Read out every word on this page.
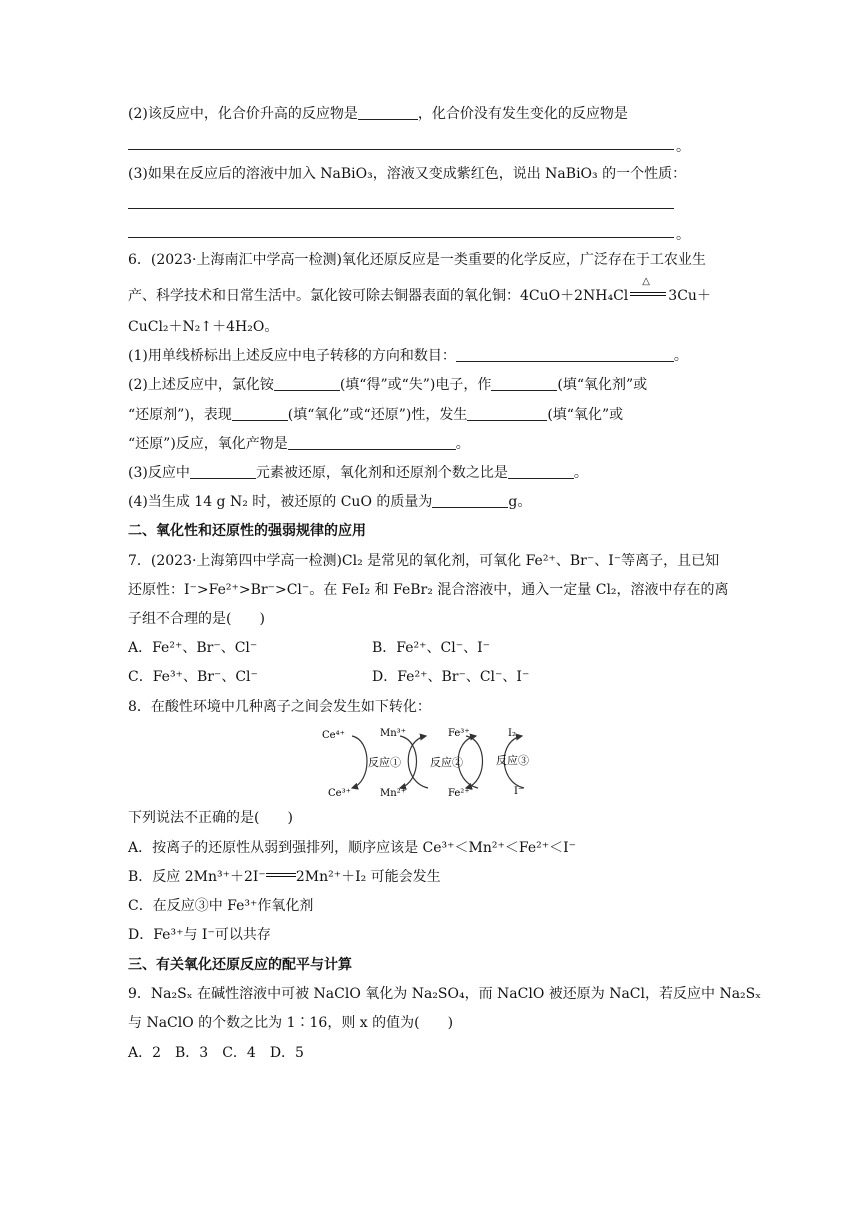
(2)该反应中，化合价升高的反应物是	，化合价没有发生变化的反应物是
。
(3)如果在反应后的溶液中加入 NaBiO₃，溶液又变成紫红色，说出 NaBiO₃ 的一个性质：
。
6．(2023·上海南汇中学高一检测)氧化还原反应是一类重要的化学反应，广泛存在于工农业生
产、科学技术和日常生活中。氯化铵可除去铜器表面的氧化铜：4CuO＋2NH₄Cl
△
3Cu＋
CuCl₂＋N₂↑＋4H₂O。
(1)用单线桥标出上述反应中电子转移的方向和数目：	。
(2)上述反应中，氯化铵	(填“得”或“失”)电子，作	(填“氧化剂”或
“还原剂”)，表现	(填“氧化”或“还原”)性，发生	(填“氧化”或
“还原”)反应，氧化产物是	。
(3)反应中	元素被还原，氧化剂和还原剂个数之比是	。
(4)当生成 14 g N₂ 时，被还原的 CuO 的质量为	g。
二、氧化性和还原性的强弱规律的应用
7．(2023·上海第四中学高一检测)Cl₂ 是常见的氧化剂，可氧化 Fe²⁺、Br⁻、I⁻等离子，且已知
还原性：I⁻>Fe²⁺>Br⁻>Cl⁻。在 FeI₂ 和 FeBr₂ 混合溶液中，通入一定量 Cl₂，溶液中存在的离
子组不合理的是(　　)
A．Fe²⁺、Br⁻、Cl⁻	B．Fe²⁺、Cl⁻、I⁻
C．Fe³⁺、Br⁻、Cl⁻	D．Fe²⁺、Br⁻、Cl⁻、I⁻
8．在酸性环境中几种离子之间会发生如下转化：
Ce⁴⁺
Ce³⁺
Mn³⁺
Mn²⁺
Fe³⁺
Fe²⁺
I₂
I⁻
反应①	反应②	反应③
下列说法不正确的是(　　)
A．按离子的还原性从弱到强排列，顺序应该是 Ce³⁺＜Mn²⁺＜Fe²⁺＜I⁻
B．反应 2Mn³⁺＋2I⁻ 2Mn²⁺＋I₂ 可能会发生
C．在反应③中 Fe³⁺作氧化剂
D．Fe³⁺与 I⁻可以共存
三、有关氧化还原反应的配平与计算
9．Na₂Sₓ 在碱性溶液中可被 NaClO 氧化为 Na₂SO₄，而 NaClO 被还原为 NaCl，若反应中 Na₂Sₓ
与 NaClO 的个数之比为 1∶16，则 x 的值为(　　)
A．2　B．3　C．4　D．5
